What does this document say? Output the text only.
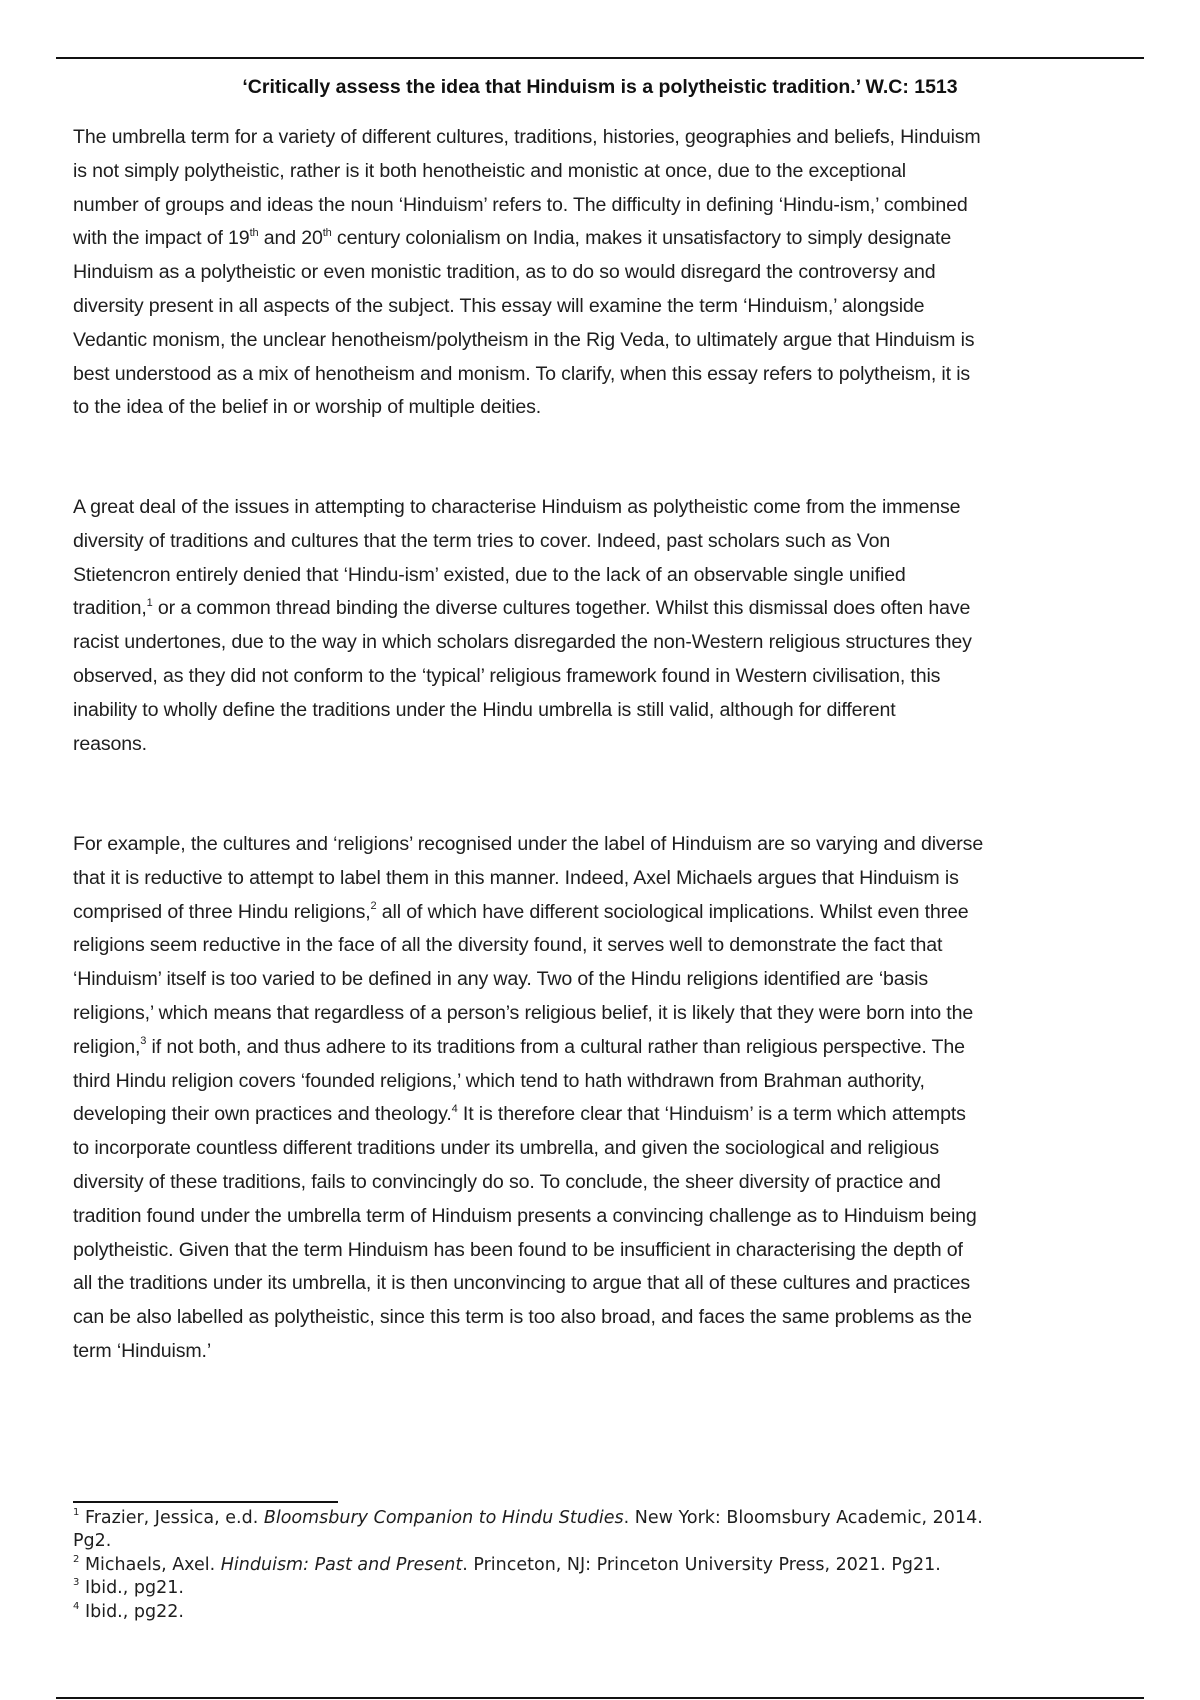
‘Critically assess the idea that Hinduism is a polytheistic tradition.’ W.C: 1513
The umbrella term for a variety of different cultures, traditions, histories, geographies and beliefs, Hinduism
is not simply polytheistic, rather is it both henotheistic and monistic at once, due to the exceptional
number of groups and ideas the noun ‘Hinduism’ refers to. The difficulty in defining ‘Hindu-ism,’ combined
with the impact of 19th and 20th century colonialism on India, makes it unsatisfactory to simply designate
Hinduism as a polytheistic or even monistic tradition, as to do so would disregard the controversy and
diversity present in all aspects of the subject. This essay will examine the term ‘Hinduism,’ alongside
Vedantic monism, the unclear henotheism/polytheism in the Rig Veda, to ultimately argue that Hinduism is
best understood as a mix of henotheism and monism. To clarify, when this essay refers to polytheism, it is
to the idea of the belief in or worship of multiple deities.
A great deal of the issues in attempting to characterise Hinduism as polytheistic come from the immense
diversity of traditions and cultures that the term tries to cover. Indeed, past scholars such as Von
Stietencron entirely denied that ‘Hindu-ism’ existed, due to the lack of an observable single unified
tradition,$^1$ or a common thread binding the diverse cultures together. Whilst this dismissal does often have
racist undertones, due to the way in which scholars disregarded the non-Western religious structures they
observed, as they did not conform to the ‘typical’ religious framework found in Western civilisation, this
inability to wholly define the traditions under the Hindu umbrella is still valid, although for different
reasons.
For example, the cultures and ‘religions’ recognised under the label of Hinduism are so varying and diverse
that it is reductive to attempt to label them in this manner. Indeed, Axel Michaels argues that Hinduism is
comprised of three Hindu religions,$^2$ all of which have different sociological implications. Whilst even three
religions seem reductive in the face of all the diversity found, it serves well to demonstrate the fact that
‘Hinduism’ itself is too varied to be defined in any way. Two of the Hindu religions identified are ‘basis
religions,’ which means that regardless of a person’s religious belief, it is likely that they were born into the
religion,$^3$ if not both, and thus adhere to its traditions from a cultural rather than religious perspective. The
third Hindu religion covers ‘founded religions,’ which tend to hath withdrawn from Brahman authority,
developing their own practices and theology.$^4$ It is therefore clear that ‘Hinduism’ is a term which attempts
to incorporate countless different traditions under its umbrella, and given the sociological and religious
diversity of these traditions, fails to convincingly do so. To conclude, the sheer diversity of practice and
tradition found under the umbrella term of Hinduism presents a convincing challenge as to Hinduism being
polytheistic. Given that the term Hinduism has been found to be insufficient in characterising the depth of
all the traditions under its umbrella, it is then unconvincing to argue that all of these cultures and practices
can be also labelled as polytheistic, since this term is too also broad, and faces the same problems as the
term ‘Hinduism.’
$^1$ Frazier, Jessica, e.d. Bloomsbury Companion to Hindu Studies. New York: Bloomsbury Academic, 2014.
Pg2.
$^2$ Michaels, Axel. Hinduism: Past and Present. Princeton, NJ: Princeton University Press, 2021. Pg21.
$^3$ Ibid., pg21.
$^4$ Ibid., pg22.
